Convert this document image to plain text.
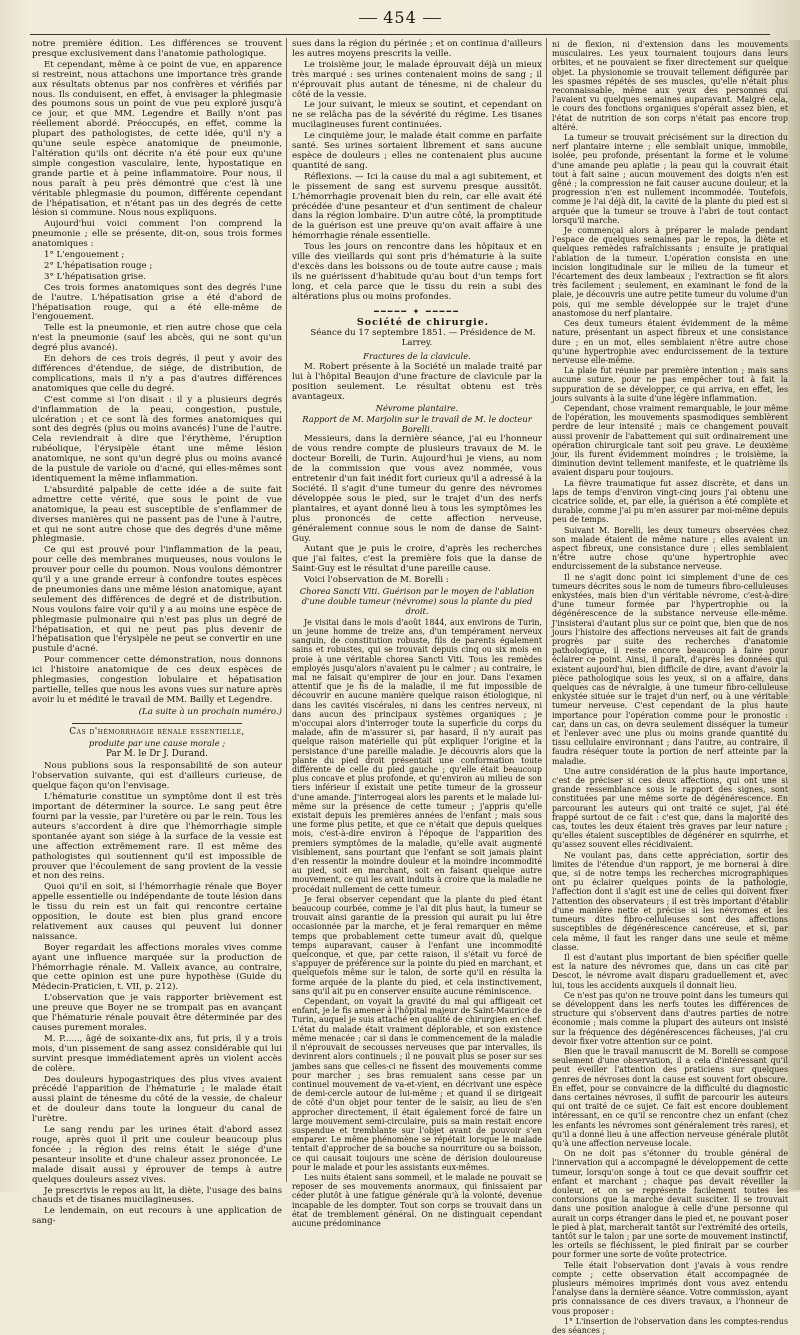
454

notre première édition. Les différences se trouvent presque exclusivement dans l'anatomie pathologique.

Et cependant, même à ce point de vue, en apparence si restreint, nous attachons une importance très grande aux résultats obtenus par nos confrères et vérifiés par nous. Ils conduisent, en effet, à envisager la phlegmasie des poumons sous un point de vue peu exploré jusqu'à ce jour, et que MM. Legendre et Bailly n'ont pas réellement abordé. Préoccupés, en effet, comme la plupart des pathologistes, de cette idée, qu'il n'y a qu'une seule espèce anatomique de pneumonie, l'altération qu'ils ont décrite n'a été pour eux qu'une simple congestion vasculaire, lente, hypostatique en grande partie et à peine inflammatoire. Pour nous, il nous paraît à peu près démontré que c'est là une véritable phlegmasie du poumon, différente cependant de l'hépatisation, et n'étant pas un des degrés de cette lésion si commune. Nous nous expliquons.

Aujourd'hui voici comment l'on comprend la pneumonie ; elle se présente, dit-on, sous trois formes anatomiques :

1° L'engouement ;

2° L'hépatisation rouge ;

3° L'hépatisation grise.

Ces trois formes anatomiques sont des degrés l'une de l'autre. L'hépatisation grise a été d'abord de l'hépatisation rouge, qui a été elle-même de l'engouement.

Telle est la pneumonie, et rien autre chose que cela n'est la pneumonie (sauf les abcès, qui ne sont qu'un degré plus avancé).

En dehors de ces trois degrés, il peut y avoir des différences d'étendue, de siége, de distribution, de complications, mais il n'y a pas d'autres différences anatomiques que celle du degré.

C'est comme si l'on disait : il y a plusieurs degrés d'inflammation de la peau, congestion, pustule, ulcération ; et ce sont là des formes anatomiques qui sont des degrés (plus ou moins avancés) l'une de l'autre. Cela reviendrait à dire que l'érythème, l'éruption rubéolique, l'érysipèle étant une même lésion anatomique, ne sont qu'un degré plus ou moins avancé de la pustule de variole ou d'acné, qui elles-mêmes sont identiquement la même inflammation.

L'absurdité palpable de cette idée a de suite fait admettre cette vérité, que sous le point de vue anatomique, la peau est susceptible de s'enflammer de diverses manières qui ne passent pas de l'une à l'autre, et qui ne sont autre chose que des degrés d'une même phlegmasie.

Ce qui est prouvé pour l'inflammation de la peau, pour celle des membranes muqueuses, nous voulons le prouver pour celle du poumon. Nous voulons démontrer qu'il y a une grande erreur à confondre toutes espèces de pneumonies dans une même lésion anatomique, ayant seulement des différences de degré et de distribution. Nous voulons faire voir qu'il y a au moins une espèce de phlegmasie pulmonaire qui n'est pas plus un degré de l'hépatisation, et qui ne peut pas plus devenir de l'hépatisation que l'érysipèle ne peut se convertir en une pustule d'acné.

Pour commencer cette démonstration, nous donnons ici l'histoire anatomique de ces deux espèces de phlegmasies, congestion lobulaire et hépatisation partielle, telles que nous les avons vues sur nature après avoir lu et médité le travail de MM. Bailly et Legendre.

(La suite à un prochain numéro.)

Cas d'hémorrhagie rénale essentielle,

produite par une cause morale ;

Par M. le Dr J. Durand.

Nous publions sous la responsabilité de son auteur l'observation suivante, qui est d'ailleurs curieuse, de quelque façon qu'on l'envisage.

L'hématurie constitue un symptôme dont il est très important de déterminer la source. Le sang peut être fourni par la vessie, par l'uretère ou par le rein. Tous les auteurs s'accordent à dire que l'hémorrhagie simple spontanée ayant son siége à la surface de la vessie est une affection extrêmement rare. Il est même des pathologistes qui soutiennent qu'il est impossible de prouver que l'écoulement de sang provient de la vessie et non des reins.

Quoi qu'il en soit, si l'hémorrhagie rénale que Boyer appelle essentielle ou indépendante de toute lésion dans le tissu du rein est un fait qui rencontre certaine opposition, le doute est bien plus grand encore relativement aux causes qui peuvent lui donner naissance.

Boyer regardait les affections morales vives comme ayant une influence marquée sur la production de l'hémorrhagie rénale. M. Valleix avance, au contraire, que cette opinion est une pure hypothèse (Guide du Médecin-Praticien, t. VII, p. 212).

L'observation que je vais rapporter brièvement est une preuve que Boyer ne se trompait pas en avançant que l'hématurie rénale pouvait être déterminée par des causes purement morales.

M. P......, âgé de soixante-dix ans, fut pris, il y a trois mois, d'un pissement de sang assez considérable qui lui survint presque immédiatement après un violent accès de colère.

Des douleurs hypogastriques des plus vives avaient précédé l'apparition de l'hématurie ; le malade était aussi plaint de ténesme du côté de la vessie, de chaleur et de douleur dans toute la longueur du canal de l'urètre.

Le sang rendu par les urines était d'abord assez rouge, après quoi il prit une couleur beaucoup plus foncée ; la région des reins était le siége d'une pesanteur insolite et d'une chaleur assez prononcée. Le malade disait aussi y éprouver de temps à autre quelques douleurs assez vives.

Je prescrivis le repos au lit, la diète, l'usage des bains chauds et de tisanes mucilagineuses.

Le lendemain, on eut recours à une application de sang-

sues dans la région du périnée ; et on continua d'ailleurs les autres moyens prescrits la veille.

Le troisième jour, le malade éprouvait déjà un mieux très marqué : ses urines contenaient moins de sang ; il n'éprouvait plus autant de ténesme, ni de chaleur du côté de la vessie.

Le jour suivant, le mieux se soutint, et cependant on ne se relâcha pas de la sévérité du régime. Les tisanes mucilagineuses furent continuées.

Le cinquième jour, le malade était comme en parfaite santé. Ses urines sortaient librement et sans aucune espèce de douleurs ; elles ne contenaient plus aucune quantité de sang.

Réflexions. — Ici la cause du mal a agi subitement, et le pissement de sang est survenu presque aussitôt. L'hémorrhagie provenait bien du rein, car elle avait été précédée d'une pesanteur et d'un sentiment de chaleur dans la région lombaire. D'un autre côté, la promptitude de la guérison est une preuve qu'on avait affaire à une hémorrhagie rénale essentielle.

Tous les jours on rencontre dans les hôpitaux et en ville des vieillards qui sont pris d'hématurie à la suite d'excès dans les boissons ou de toute autre cause ; mais ils ne guérissent d'habitude qu'au bout d'un temps fort long, et cela parce que le tissu du rein a subi des altérations plus ou moins profondes.

━━━━━ ✦ ━━━━━

Société de chirurgie.

Séance du 17 septembre 1851. — Présidence de M. Larrey.

Fractures de la clavicule.

M. Robert présente à la Société un malade traité par lui à l'hôpital Beaujon d'une fracture de clavicule par la position seulement. Le résultat obtenu est très avantageux.

Névrome plantaire.

Rapport de M. Marjolin sur le travail de M. le docteur Borelli.

Messieurs, dans la dernière séance, j'ai eu l'honneur de vous rendre compte de plusieurs travaux de M. le docteur Borelli, de Turin. Aujourd'hui je viens, au nom de la commission que vous avez nommée, vous entretenir d'un fait inédit fort curieux qu'il a adressé à la Société. Il s'agit d'une tumeur du genre des névromes développée sous le pied, sur le trajet d'un des nerfs plantaires, et ayant donné lieu à tous les symptômes les plus prononcés de cette affection nerveuse, généralement connue sous le nom de danse de Saint-Guy.

Autant que je puis le croire, d'après les recherches que j'ai faites, c'est la première fois que la danse de Saint-Guy est le résultat d'une pareille cause.

Voici l'observation de M. Borelli :

Chorea Sancti Viti. Guérison par le moyen de l'ablation d'une double tumeur (névrome) sous la plante du pied droit.

Je visitai dans le mois d'août 1844, aux environs de Turin, un jeune homme de treize ans, d'un tempérament nerveux sanguin, de constitution robuste, fils de parents également sains et robustes, qui se trouvait depuis cinq ou six mois en proie à une véritable chorea Sancti Viti. Tous les remèdes employés jusqu'alors n'avaient pu le calmer ; au contraire, le mal ne faisait qu'empirer de jour en jour. Dans l'examen attentif que je fis de la maladie, il me fut impossible de découvrir en aucune manière quelque raison étiologique, ni dans les cavités viscérales, ni dans les centres nerveux, ni dans aucun des principaux systèmes organiques ; je m'occupai alors d'interroger toute la superficie du corps du malade, afin de m'assurer si, par hasard, il n'y aurait pas quelque raison matérielle qui pût expliquer l'origine et la persistance d'une pareille maladie. Je découvris alors que la plante du pied droit présentait une conformation toute différente de celle du pied gauche ; qu'elle était beaucoup plus concave et plus profonde, et qu'environ au milieu de son tiers inférieur il existait une petite tumeur de la grosseur d'une amande. J'interrogeai alors les parents et le malade lui-même sur la présence de cette tumeur ; j'appris qu'elle existait depuis les premières années de l'enfant ; mais sous une forme plus petite, et que ce n'était que depuis quelques mois, c'est-à-dire environ à l'époque de l'apparition des premiers symptômes de la maladie, qu'elle avait augmenté visiblement, sans pourtant que l'enfant se soit jamais plaint d'en ressentir la moindre douleur et la moindre incommodité au pied, soit en marchant, soit en faisant quelque autre mouvement, ce qui les avait induits à croire que la maladie ne procédait nullement de cette tumeur.

Je ferai observer cependant que la plante du pied étant beaucoup courbée, comme je l'ai dit plus haut, la tumeur se trouvait ainsi garantie de la pression qui aurait pu lui être occasionnée par la marche, et je ferai remarquer en même temps que probablement cette tumeur avait dû, quelque temps auparavant, causer à l'enfant une incommodité quelconque, et que, par cette raison, il s'était vu forcé de s'appuyer de préférence sur la pointe du pied en marchant, et quelquefois même sur le talon, de sorte qu'il en résulta la forme arquée de la plante du pied, et cela instinctivement, sans qu'il ait pu en conserver ensuite aucune réminiscence.

Cependant, on voyait la gravité du mal qui affligeait cet enfant, je le fis amener à l'hôpital majeur de Saint-Maurice de Turin, auquel je suis attaché en qualité de chirurgien en chef. L'état du malade était vraiment déplorable, et son existence même menacée ; car si dans le commencement de la maladie il n'éprouvait de secousses nerveuses que par intervalles, ils devinrent alors continuels ; il ne pouvait plus se poser sur ses jambes sans que celles-ci ne fissent des mouvements comme pour marcher ; ses bras remuaient sans cesse par un continuel mouvement de va-et-vient, en décrivant une espèce de demi-cercle autour de lui-même ; et quand il se dirigeait de côté d'un objet pour tenter de le saisir, au lieu de s'en approcher directement, il était également forcé de faire un large mouvement semi-circulaire, puis sa main restait encore suspendue et tremblante sur l'objet avant de pouvoir s'en emparer. Le même phénomène se répétait lorsque le malade tentait d'approcher de sa bouche sa nourriture ou sa boisson, ce qui causait toujours une scène de dérision douloureuse pour le malade et pour les assistants eux-mêmes.

Les nuits étaient sans sommeil, et le malade ne pouvait se reposer de ses mouvements anormaux, qui finissaient par céder plutôt à une fatigue générale qu'à la volonté, devenue incapable de les dompter. Tout son corps se trouvait dans un état de tremblement général. On ne distinguait cependant aucune prédominance

ni de flexion, ni d'extension dans les mouvements musculaires. Les yeux tournaient toujours dans leurs orbites, et ne pouvaient se fixer directement sur quelque objet. La physionomie se trouvait tellement défigurée par les spasmes répétés de ses muscles, qu'elle n'était plus reconnaissable, même aux yeux des personnes qui l'avaient vu quelques semaines auparavant. Malgré cela, le cours des fonctions organiques s'opérait assez bien, et l'état de nutrition de son corps n'était pas encore trop altéré.

La tumeur se trouvait précisément sur la direction du nerf plantaire interne ; elle semblait unique, immobile, isolée, peu profonde, présentant la forme et le volume d'une amande peu aplatie ; la peau qui la couvrait était tout à fait saine ; aucun mouvement des doigts n'en est gêné ; la compression ne fait causer aucune douleur, et la progression n'en est nullement incommodée. Toutefois, comme je l'ai déjà dit, la cavité de la plante du pied est si arquée que la tumeur se trouve à l'abri de tout contact lorsqu'il marche.

Je commençai alors à préparer le malade pendant l'espace de quelques semaines par le repos, la diète et quelques remèdes rafraîchissants ; ensuite je pratiquai l'ablation de la tumeur. L'opération consista en une incision longitudinale sur le milieu de la tumeur et l'écartement des deux lambeaux ; l'extraction se fit alors très facilement ; seulement, en examinant le fond de la plaie, je découvris une autre petite tumeur du volume d'un pois, qui me semble développée sur le trajet d'une anastomose du nerf plantaire.

Ces deux tumeurs étaient évidemment de la même nature, présentant un aspect fibreux et une consistance dure ; en un mot, elles semblaient n'être autre chose qu'une hypertrophie avec endurcissement de la texture nerveuse elle-même.

La plaie fut réunie par première intention ; mais sans aucune suture, pour ne pas empêcher tout à fait la suppuration de se développer, ce qui arriva, en effet, les jours suivants à la suite d'une légère inflammation.

Cependant, chose vraiment remarquable, le jour même de l'opération, les mouvements spasmodiques semblèrent perdre de leur intensité ; mais ce changement pouvait aussi provenir de l'abattement qui suit ordinairement une opération chirurgicale tant soit peu grave. Le deuxième jour, ils furent évidemment moindres ; le troisième, la diminution devint tellement manifeste, et le quatrième ils avaient disparu pour toujours.

La fièvre traumatique fut assez discrète, et dans un laps de temps d'environ vingt-cinq jours j'ai obtenu une cicatrice solide, et, par elle, la guérison a été complète et durable, comme j'ai pu m'en assurer par moi-même depuis peu de temps.

Suivant M. Borelli, les deux tumeurs observées chez son malade étaient de même nature ; elles avaient un aspect fibreux, une consistance dure ; elles semblaient n'être autre chose qu'une hypertrophie avec endurcissement de la substance nerveuse.

Il ne s'agit donc point ici simplement d'une de ces tumeurs décrites sous le nom de tumeurs fibro-celluleuses enkystées, mais bien d'un véritable névrome, c'est-à-dire d'une tumeur formée par l'hypertrophie ou la dégénérescence de la substance nerveuse elle-même. J'insisterai d'autant plus sur ce point que, bien que de nos jours l'histoire des affections nerveuses ait fait de grands progrès par suite des recherches d'anatomie pathologique, il reste encore beaucoup à faire pour éclairer ce point. Ainsi, il paraît, d'après les données qui existent aujourd'hui, bien difficile de dire, avant d'avoir la pièce pathologique sous les yeux, si on a affaire, dans quelques cas de névralgie, à une tumeur fibro-celluleuse enkystée située sur le trajet d'un nerf, ou à une véritable tumeur nerveuse. C'est cependant de la plus haute importance pour l'opération comme pour le pronostic : car, dans un cas, on devra seulement disséquer la tumeur et l'enlever avec une plus ou moins grande quantité du tissu cellulaire environnant ; dans l'autre, au contraire, il faudra réséquer toute la portion de nerf atteinte par la maladie.

Une autre considération de la plus haute importance, c'est de préciser si ces deux affections, qui ont une si grande ressemblance sous le rapport des signes, sont constituées par une même sorte de dégénérescence. En parcourant les auteurs qui ont traité ce sujet, j'ai été frappé surtout de ce fait : c'est que, dans la majorité des cas, toutes les deux étaient très graves par leur nature ; qu'elles étaient susceptibles de dégénérer en squirrhe, et qu'assez souvent elles récidivaient.

Ne voulant pas, dans cette appréciation, sortir des limites de l'étendue d'un rapport, je me bornerai à dire que, si de notre temps les recherches micrographiques ont pu éclairer quelques points de la pathologie, l'affection dont il s'agit est une de celles qui doivent fixer l'attention des observateurs ; il est très important d'établir d'une manière nette et précise si les névromes et les tumeurs dites fibro-celluleuses sont des affections susceptibles de dégénérescence cancéreuse, et si, par cela même, il faut les ranger dans une seule et même classe.

Il est d'autant plus important de bien spécifier quelle est la nature des névromes que, dans un cas cité par Descot, le névrome avait disparu graduellement et, avec lui, tous les accidents auxquels il donnait lieu.

Ce n'est pas qu'on ne trouve point dans les tumeurs qui se développent dans les nerfs toutes les différences de structure qui s'observent dans d'autres parties de notre économie ; mais comme la plupart des auteurs ont insisté sur la fréquence des dégénérescences fâcheuses, j'ai cru devoir fixer votre attention sur ce point.

Bien que le travail manuscrit de M. Borelli se compose seulement d'une observation, il a cela d'intéressant qu'il peut éveiller l'attention des praticiens sur quelques genres de névroses dont la cause est souvent fort obscure. En effet, pour se convaincre de la difficulté du diagnostic dans certaines névroses, il suffit de parcourir les auteurs qui ont traité de ce sujet. Ce fait est encore doublement intéressant, en ce qu'il se rencontre chez un enfant (chez les enfants les névromes sont généralement très rares), et qu'il a donné lieu à une affection nerveuse générale plutôt qu'à une affection nerveuse locale.

On ne doit pas s'étonner du trouble général de l'innervation qui a accompagné le développement de cette tumeur, lorsqu'on songe à tout ce que devait souffrir cet enfant et marchant ; chaque pas devait réveiller la douleur, et on se représente facilement toutes les contorsions que la marche devait susciter. Il se trouvait dans une position analogue à celle d'une personne qui aurait un corps étranger dans le pied et, ne pouvant poser le pied à plat, marcherait tantôt sur l'extrémité des orteils, tantôt sur le talon ; par une sorte de mouvement instinctif, les orteils se fléchissent, le pied finirait par se courber pour former une sorte de voûte protectrice.

Telle était l'observation dont j'avais à vous rendre compte ; cette observation était accompagnée de plusieurs mémoires imprimés dont vous avez entendu l'analyse dans la dernière séance. Votre commission, ayant pris connaissance de ces divers travaux, a l'honneur de vous proposer :

1° L'insertion de l'observation dans les comptes-rendus des séances ;
